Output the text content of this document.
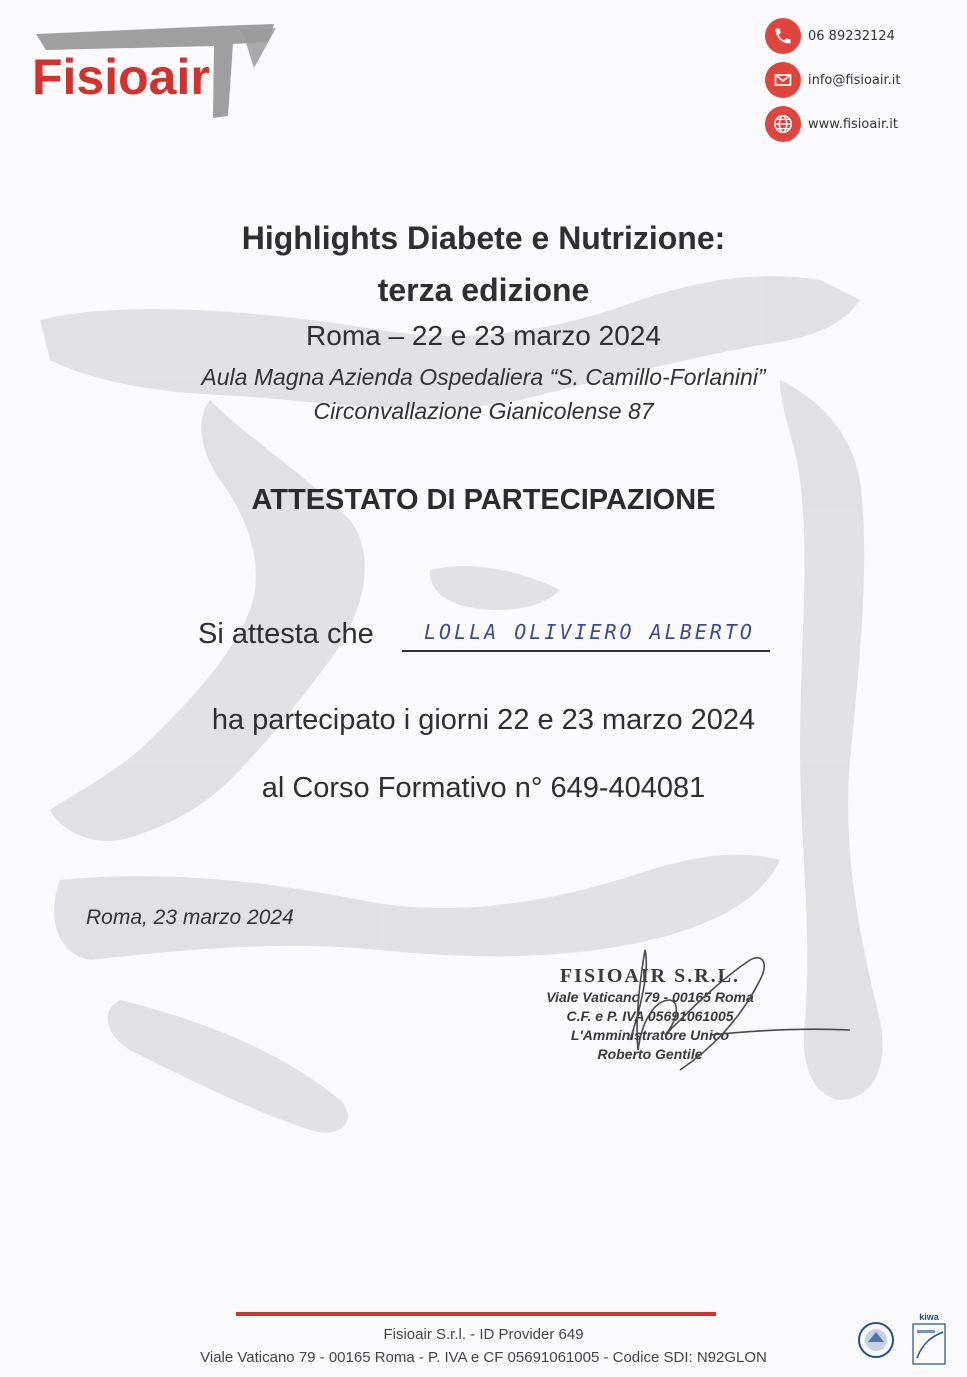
Fisioair
06 89232124
info@fisioair.it
www.fisioair.it
Highlights Diabete e Nutrizione:
terza edizione
Roma – 22 e 23 marzo 2024
Aula Magna Azienda Ospedaliera “S. Camillo-Forlanini”
Circonvallazione Gianicolense 87
ATTESTATO DI PARTECIPAZIONE
Si attesta che	LOLLA OLIVIERO ALBERTO
ha partecipato i giorni 22 e 23 marzo 2024
al Corso Formativo n° 649-404081
Roma, 23 marzo 2024
FISIOAIR S.R.L.
Viale Vaticano 79 - 00165 Roma
C.F. e P. IVA 05691061005
L'Amministratore Unico
Roberto Gentile
Fisioair S.r.l. - ID Provider 649
Viale Vaticano 79 - 00165 Roma - P. IVA e CF 05691061005 - Codice SDI: N92GLON
kiwa
